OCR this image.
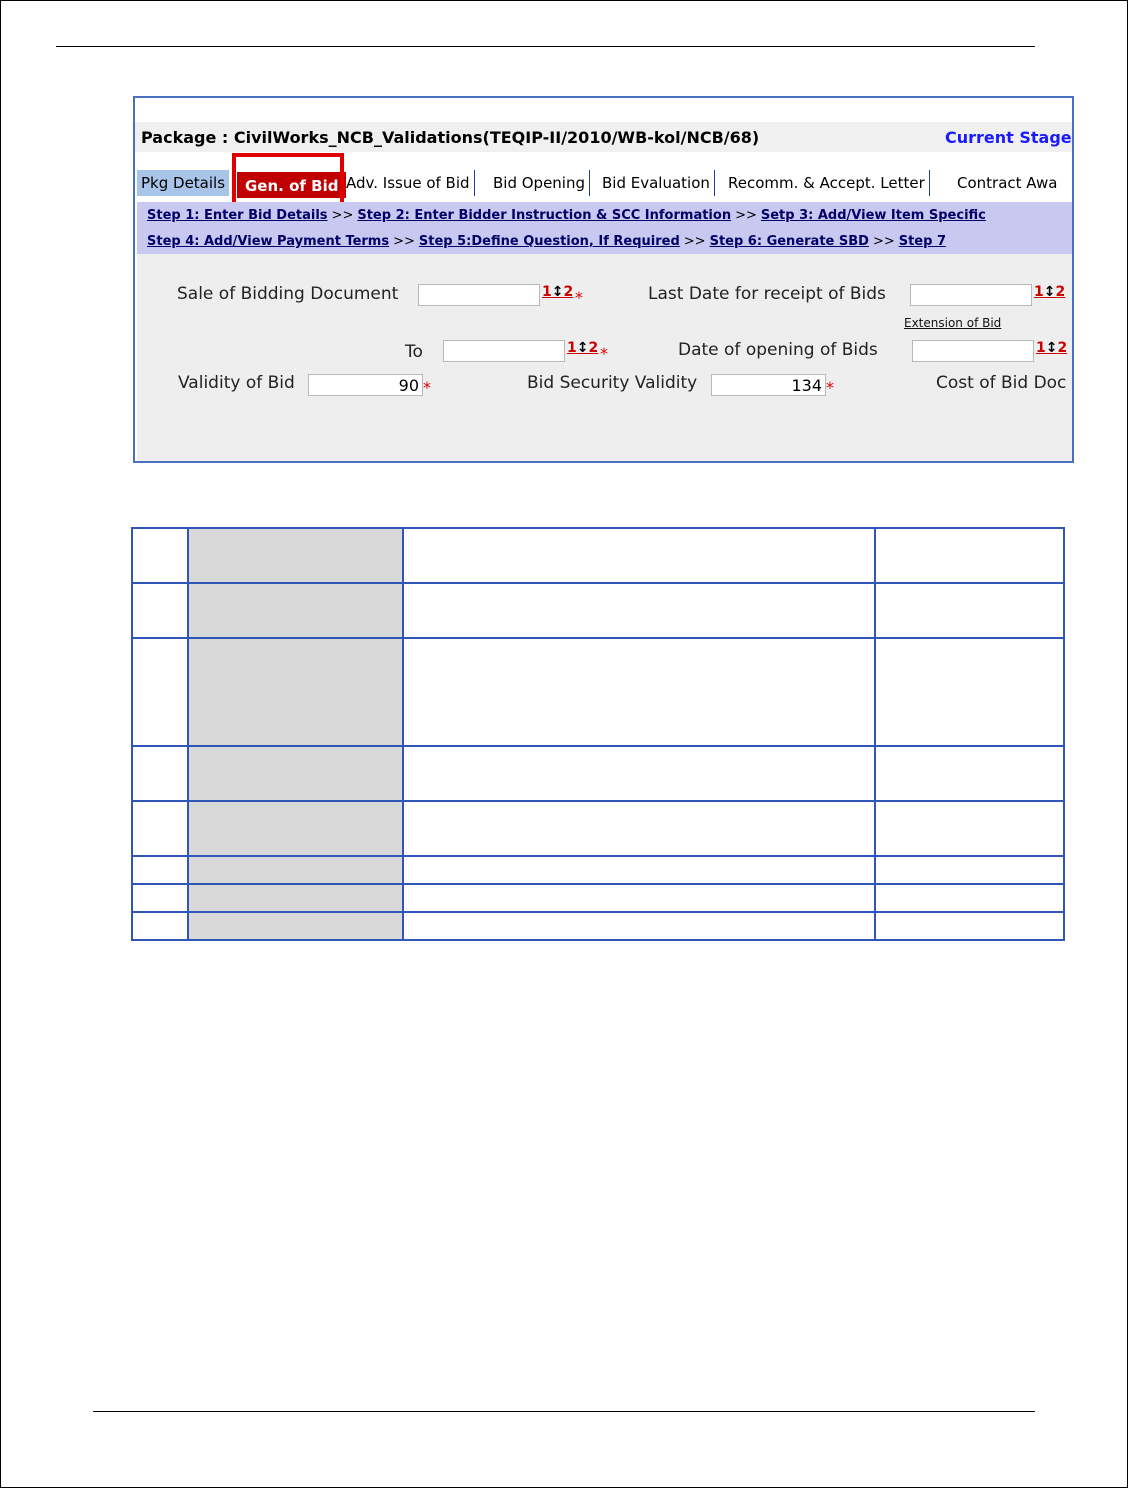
Package : CivilWorks_NCB_Validations(TEQIP-II/2010/WB-kol/NCB/68)	Current Stage
Pkg Details	Gen. of Bid Adv. Issue of Bid	Bid Opening	Bid Evaluation	Recomm. & Accept. Letter	Contract Awa
Step 1: Enter Bid Details >> Step 2: Enter Bidder Instruction & SCC Information >> Setp 3: Add/View Item Specific
Step 4: Add/View Payment Terms >> Step 5:Define Question, If Required >> Step 6: Generate SBD >> Step 7
Sale of Bidding Document	1↕2 *	Last Date for receipt of Bids	1↕2
Extension of Bid
To	1↕2 *	Date of opening of Bids	1↕2
Validity of Bid	90 *	Bid Security Validity	134 *	Cost of Bid Doc
